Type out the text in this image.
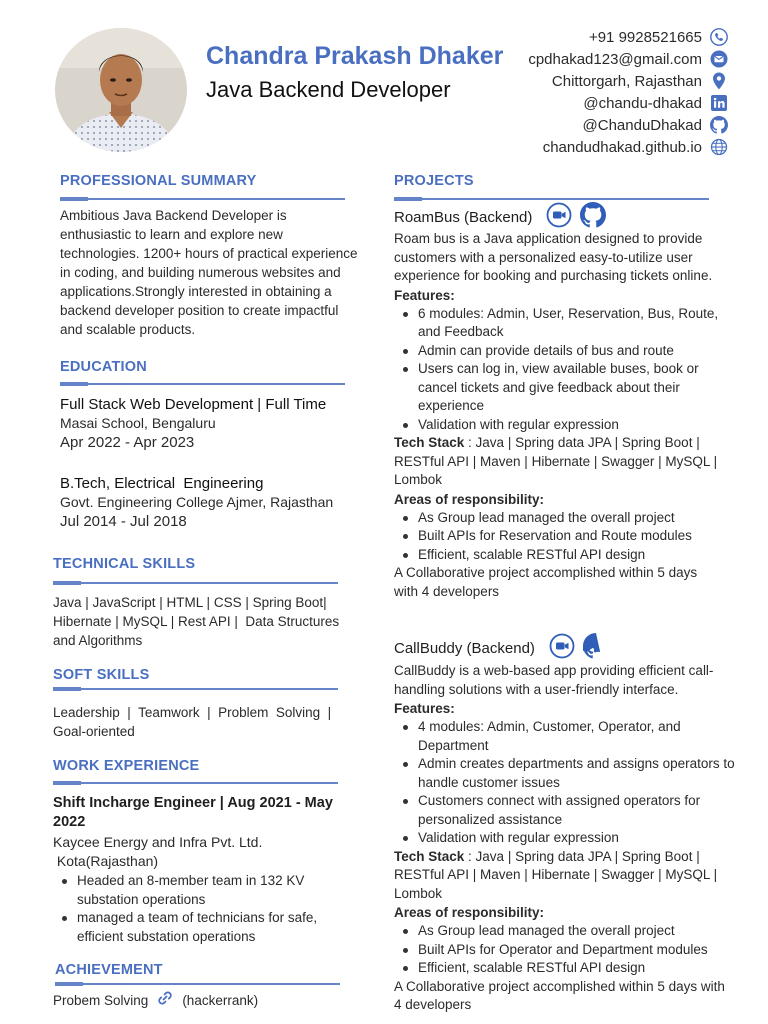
Chandra Prakash Dhaker
Java Backend Developer
+91 9928521665
cpdhakad123@gmail.com
Chittorgarh, Rajasthan
@chandu-dhakad
@ChanduDhakad
chandudhakad.github.io
PROFESSIONAL SUMMARY
Ambitious Java Backend Developer is enthusiastic to learn and explore new technologies. 1200+ hours of practical experience in coding, and building numerous websites and applications.Strongly interested in obtaining a backend developer position to create impactful and scalable products.
EDUCATION
Full Stack Web Development | Full Time
Masai School, Bengaluru
Apr 2022 - Apr 2023
B.Tech, Electrical  Engineering
Govt. Engineering College Ajmer, Rajasthan
Jul 2014 - Jul 2018
TECHNICAL SKILLS
Java | JavaScript | HTML | CSS | Spring Boot| Hibernate | MySQL | Rest API |  Data Structures and Algorithms
SOFT SKILLS
Leadership  |  Teamwork  |  Problem  Solving  |  Goal-oriented
WORK EXPERIENCE
Shift Incharge Engineer | Aug 2021 - May 2022
Kaycee Energy and Infra Pvt. Ltd.
Kota(Rajasthan)
Headed an 8-member team in 132 KV substation operations
managed a team of technicians for safe, efficient substation operations
ACHIEVEMENT
Probem Solving	(hackerrank)
PROJECTS
RoamBus (Backend)
Roam bus is a Java application designed to provide customers with a personalized easy-to-utilize user experience for booking and purchasing tickets online.
Features:
6 modules: Admin, User, Reservation, Bus, Route, and Feedback
Admin can provide details of bus and route
Users can log in, view available buses, book or cancel tickets and give feedback about their experience
Validation with regular expression
Tech Stack : Java | Spring data JPA | Spring Boot | RESTful API | Maven | Hibernate | Swagger | MySQL | Lombok
Areas of responsibility:
As Group lead managed the overall project
Built APIs for Reservation and Route modules
Efficient, scalable RESTful API design
A Collaborative project accomplished within 5 days with 4 developers
CallBuddy (Backend)
CallBuddy is a web-based app providing efficient call-handling solutions with a user-friendly interface.
Features:
4 modules: Admin, Customer, Operator, and Department
Admin creates departments and assigns operators to handle customer issues
Customers connect with assigned operators for personalized assistance
Validation with regular expression
Tech Stack : Java | Spring data JPA | Spring Boot | RESTful API | Maven | Hibernate | Swagger | MySQL | Lombok
Areas of responsibility:
As Group lead managed the overall project
Built APIs for Operator and Department modules
Efficient, scalable RESTful API design
A Collaborative project accomplished within 5 days with 4 developers
